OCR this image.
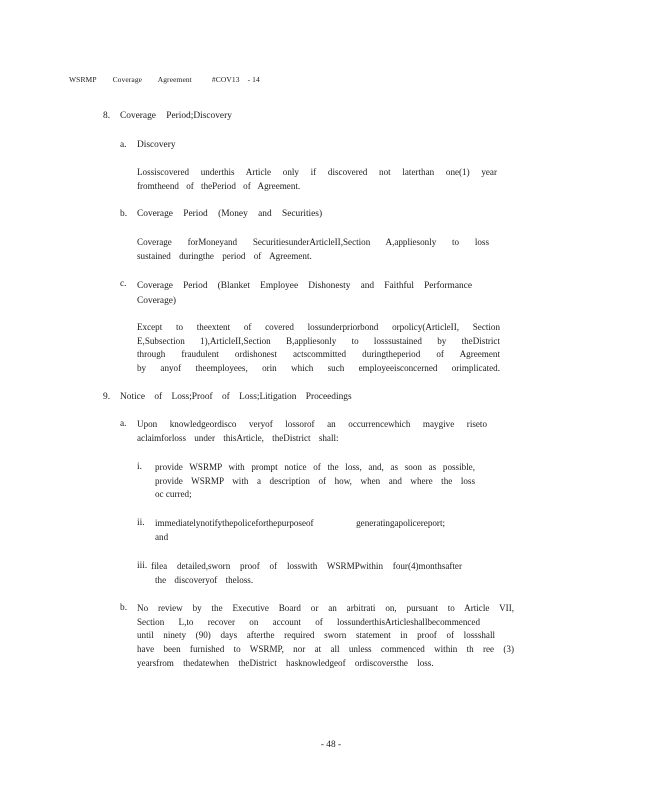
WSRMP Coverage Agreement	#COV13 - 14
8. Coverage Period;Discovery
a. Discovery
Lossiscovered underthis Article only if discovered not laterthan one(1) year
fromtheend of thePeriod of Agreement.
b. Coverage Period (Money and Securities)
Coverage forMoneyand SecuritiesunderArticleII,Section A,appliesonly to loss
sustained duringthe period of Agreement.
c. Coverage Period (Blanket Employee Dishonesty and Faithful Performance
Coverage)
Except to theextent of covered lossunderpriorbond orpolicy(ArticleII, Section
E,Subsection 1),ArticleII,Section B,appliesonly to losssustained by theDistrict
through fraudulent ordishonest actscommitted duringtheperiod of Agreement
by anyof theemployees, orin which such employeeisconcerned orimplicated.
9. Notice of Loss;Proof of Loss;Litigation Proceedings
a. Upon knowledgeordisco veryof lossorof an occurrencewhich maygive riseto
aclaimforloss under thisArticle, theDistrict shall:
i. provide WSRMP with prompt notice of the loss, and, as soon as possible,
provide WSRMP with a description of how, when and where the loss
oc curred;
ii. immediatelynotifythepoliceforthepurposeof generatingapolicereport;
and
iii. filea detailed,sworn proof of losswith WSRMPwithin four(4)monthsafter
the discoveryof theloss.
b. No review by the Executive Board or an arbitrati on, pursuant to Article VII,
Section L,to recover on account of lossunderthisArticleshallbecommenced
until ninety (90) days afterthe required sworn statement in proof of lossshall
have been furnished to WSRMP, nor at all unless commenced within th ree (3)
yearsfrom thedatewhen theDistrict hasknowledgeof ordiscoversthe loss.
- 48 -
